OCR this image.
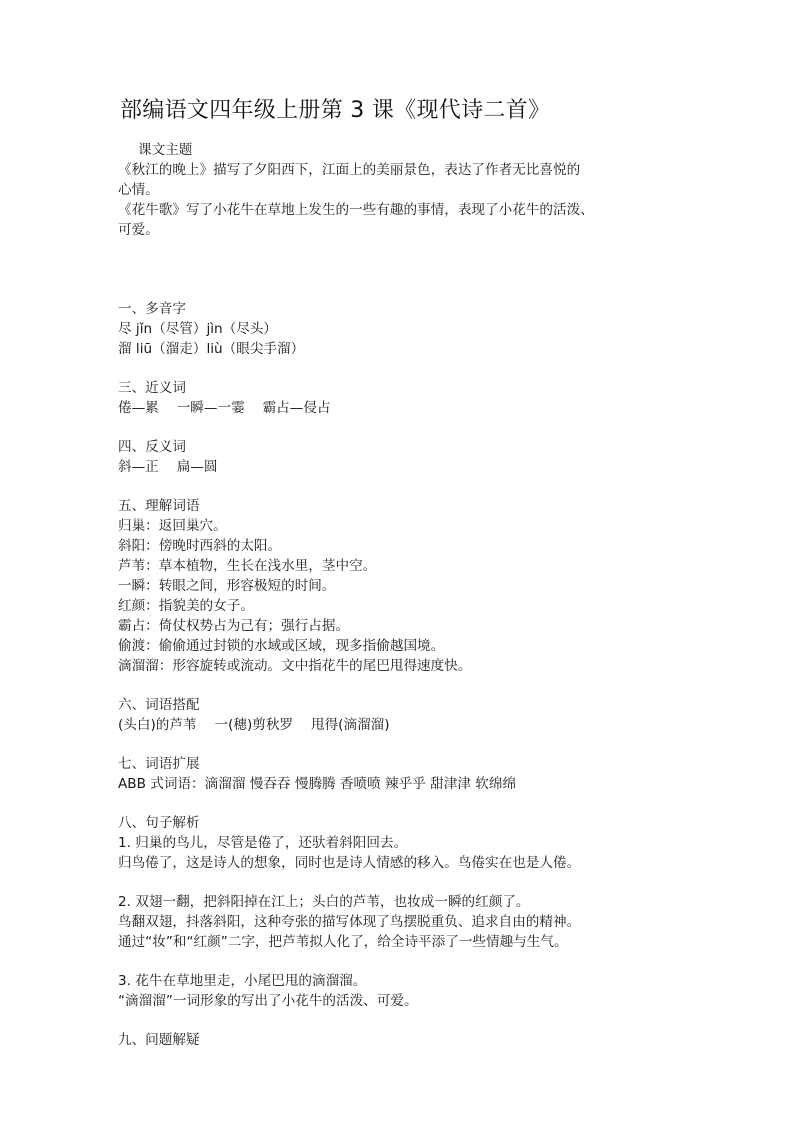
部编语文四年级上册第 3 课《现代诗二首》
课文主题
《秋江的晚上》描写了夕阳西下，江面上的美丽景色，表达了作者无比喜悦的
心情。
《花牛歌》写了小花牛在草地上发生的一些有趣的事情，表现了小花牛的活泼、
可爱。
一、多音字
尽 jǐn（尽管）jìn（尽头）
溜 liū（溜走）liù（眼尖手溜）
三、近义词
倦—累　 一瞬—一霎　 霸占—侵占
四、反义词
斜—正　 扁—圆
五、理解词语
归巢：返回巢穴。
斜阳：傍晚时西斜的太阳。
芦苇：草本植物，生长在浅水里，茎中空。
一瞬：转眼之间，形容极短的时间。
红颜：指貌美的女子。
霸占：倚仗权势占为己有；强行占据。
偷渡：偷偷通过封锁的水域或区域，现多指偷越国境。
滴溜溜：形容旋转或流动。文中指花牛的尾巴甩得速度快。
六、词语搭配
(头白)的芦苇　 一(穗)剪秋罗　 甩得(滴溜溜)
七、词语扩展
ABB 式词语：滴溜溜 慢吞吞 慢腾腾 香喷喷 辣乎乎 甜津津 软绵绵
八、句子解析
1. 归巢的鸟儿，尽管是倦了，还驮着斜阳回去。
归鸟倦了，这是诗人的想象，同时也是诗人情感的移入。鸟倦实在也是人倦。
2. 双翅一翻，把斜阳掉在江上；头白的芦苇，也妆成一瞬的红颜了。
鸟翻双翅，抖落斜阳，这种夸张的描写体现了鸟摆脱重负、追求自由的精神。
通过“妆”和“红颜”二字，把芦苇拟人化了，给全诗平添了一些情趣与生气。
3. 花牛在草地里走，小尾巴甩的滴溜溜。
“滴溜溜”一词形象的写出了小花牛的活泼、可爱。
九、问题解疑
